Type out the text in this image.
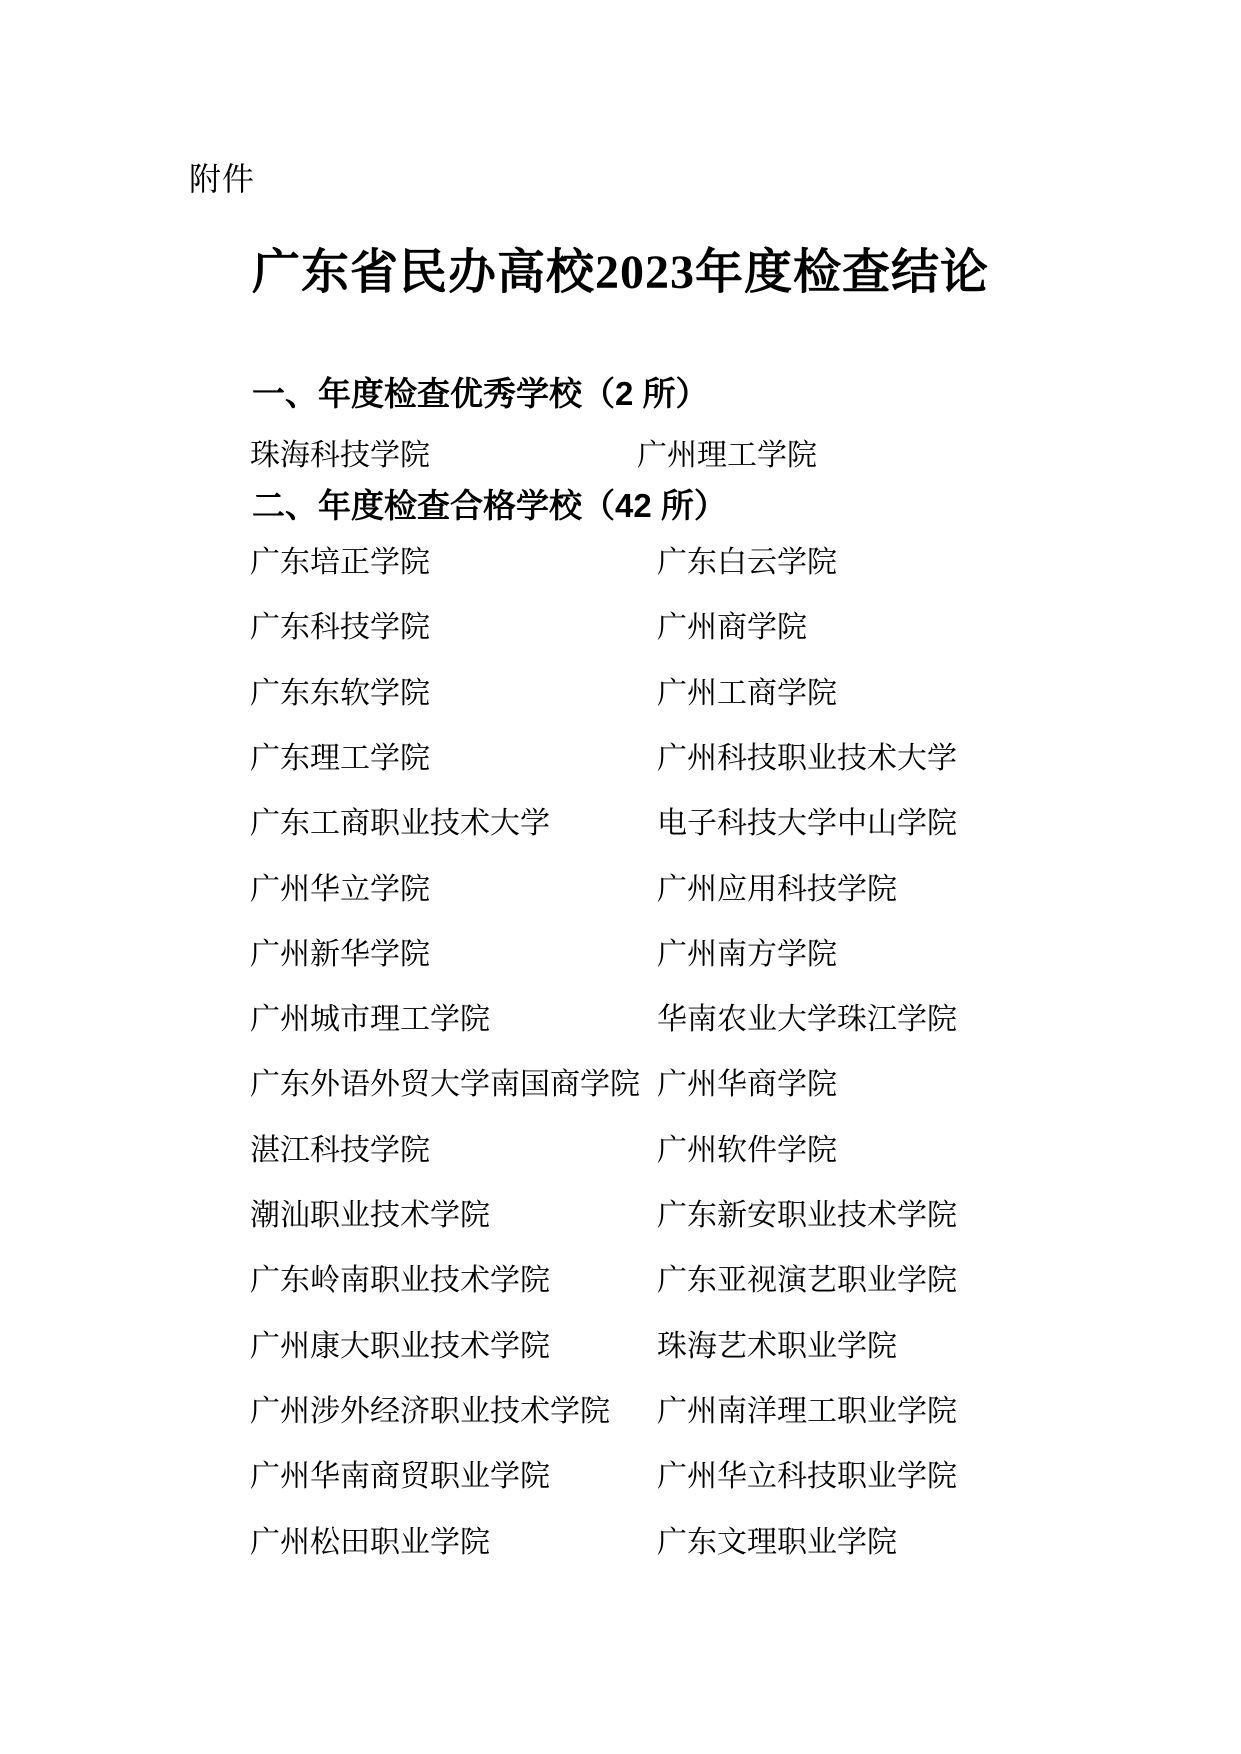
附件
广东省民办高校2023年度检查结论
一、年度检查优秀学校（2 所）
珠海科技学院	广州理工学院
二、年度检查合格学校（42 所）
广东培正学院	广东白云学院
广东科技学院	广州商学院
广东东软学院	广州工商学院
广东理工学院	广州科技职业技术大学
广东工商职业技术大学	电子科技大学中山学院
广州华立学院	广州应用科技学院
广州新华学院	广州南方学院
广州城市理工学院	华南农业大学珠江学院
广东外语外贸大学南国商学院 广州华商学院
湛江科技学院	广州软件学院
潮汕职业技术学院	广东新安职业技术学院
广东岭南职业技术学院	广东亚视演艺职业学院
广州康大职业技术学院	珠海艺术职业学院
广州涉外经济职业技术学院 广州南洋理工职业学院
广州华南商贸职业学院	广州华立科技职业学院
广州松田职业学院	广东文理职业学院
